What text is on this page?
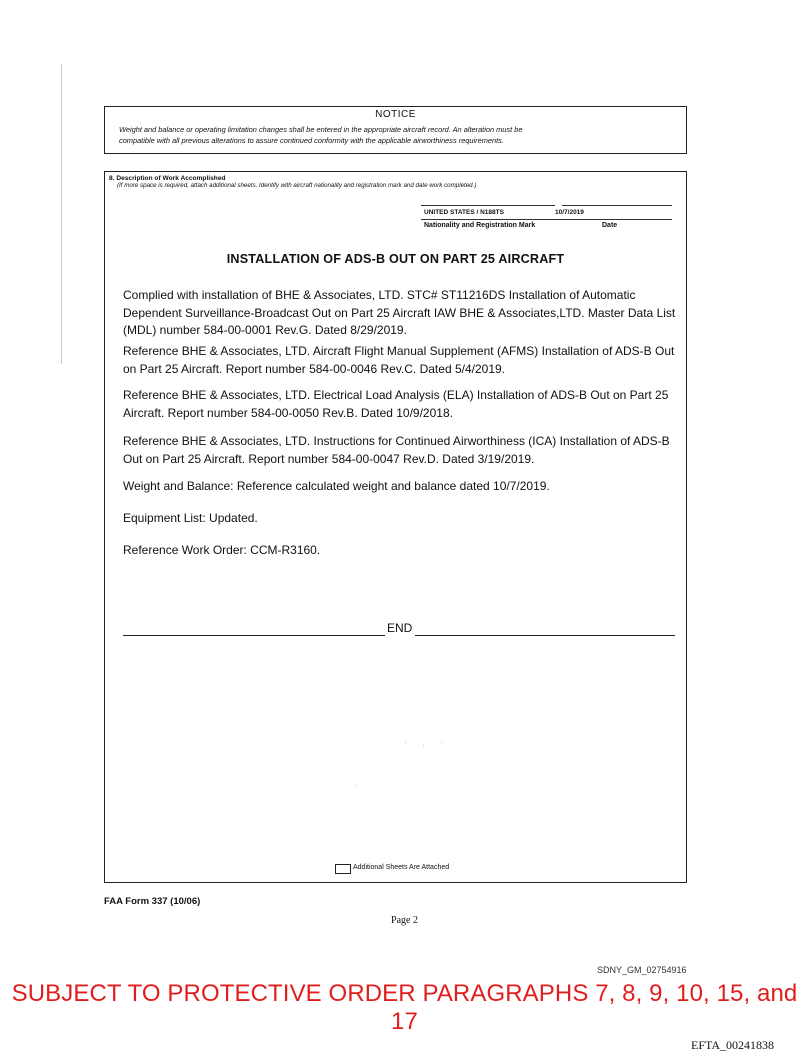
NOTICE
Weight and balance or operating limitation changes shall be entered in the appropriate aircraft record. An alteration must be
compatible with all previous alterations to assure continued conformity with the applicable airworthiness requirements.
8. Description of Work Accomplished
(If more space is required, attach additional sheets. Identify with aircraft nationality and registration mark and date work completed.)
UNITED STATES / N188TS	10/7/2019
Nationality and Registration Mark	Date
INSTALLATION OF ADS-B OUT ON PART 25 AIRCRAFT
Complied with installation of BHE & Associates, LTD. STC# ST11216DS Installation of Automatic Dependent Surveillance-Broadcast Out on Part 25 Aircraft IAW BHE & Associates,LTD. Master Data List (MDL) number 584-00-0001 Rev.G. Dated 8/29/2019.
Reference BHE & Associates, LTD. Aircraft Flight Manual Supplement (AFMS) Installation of ADS-B Out on Part 25 Aircraft. Report number 584-00-0046 Rev.C. Dated 5/4/2019.
Reference BHE & Associates, LTD. Electrical Load Analysis (ELA) Installation of ADS-B Out on Part 25 Aircraft. Report number 584-00-0050 Rev.B. Dated 10/9/2018.
Reference BHE & Associates, LTD. Instructions for Continued Airworthiness (ICA) Installation of ADS-B Out on Part 25 Aircraft. Report number 584-00-0047 Rev.D. Dated 3/19/2019.
Weight and Balance: Reference calculated weight and balance dated 10/7/2019.
Equipment List: Updated.
Reference Work Order: CCM-R3160.
END
Additional Sheets Are Attached
FAA Form 337 (10/06)
Page 2
SDNY_GM_02754916
SUBJECT TO PROTECTIVE ORDER PARAGRAPHS 7, 8, 9, 10, 15, and 17
EFTA_00241838
